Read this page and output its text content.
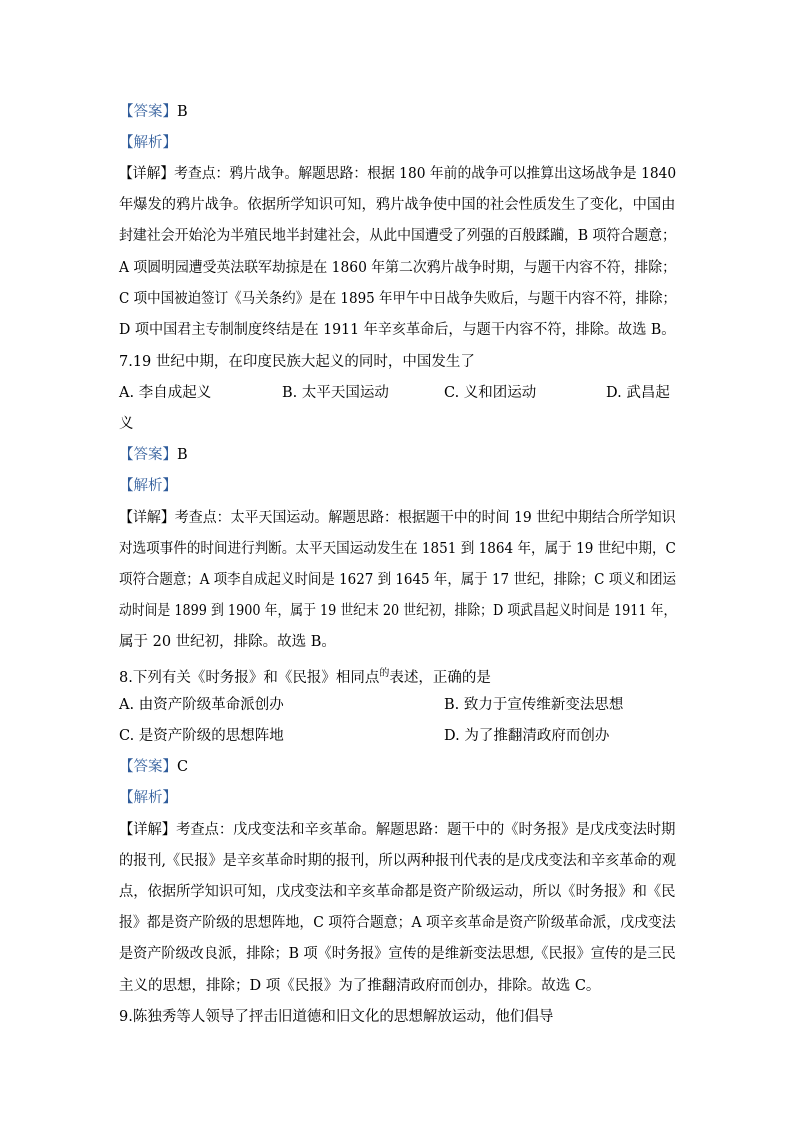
【答案】B
【解析】
【详解】考查点：鸦片战争。解题思路：根据 180 年前的战争可以推算出这场战争是 1840
年爆发的鸦片战争。依据所学知识可知，鸦片战争使中国的社会性质发生了变化，中国由
封建社会开始沦为半殖民地半封建社会，从此中国遭受了列强的百般蹂躏，B 项符合题意；
A 项圆明园遭受英法联军劫掠是在 1860 年第二次鸦片战争时期，与题干内容不符，排除；
C 项中国被迫签订《马关条约》是在 1895 年甲午中日战争失败后，与题干内容不符，排除；
D 项中国君主专制制度终结是在 1911 年辛亥革命后，与题干内容不符，排除。故选 B。
7.19 世纪中期，在印度民族大起义的同时，中国发生了
A. 李自成起义	B. 太平天国运动	C. 义和团运动	D. 武昌起
义
【答案】B
【解析】
【详解】考查点：太平天国运动。解题思路：根据题干中的时间 19 世纪中期结合所学知识
对选项事件的时间进行判断。太平天国运动发生在 1851 到 1864 年，属于 19 世纪中期，C
项符合题意；A 项李自成起义时间是 1627 到 1645 年，属于 17 世纪，排除；C 项义和团运
动时间是 1899 到 1900 年，属于 19 世纪末 20 世纪初，排除；D 项武昌起义时间是 1911 年，
属于 20 世纪初，排除。故选 B。
8.下列有关《时务报》和《民报》相同点$^的$表述，正确的是
A. 由资产阶级革命派创办	B. 致力于宣传维新变法思想
C. 是资产阶级的思想阵地	D. 为了推翻清政府而创办
【答案】C
【解析】
【详解】考查点：戊戌变法和辛亥革命。解题思路：题干中的《时务报》是戊戌变法时期
的报刊,《民报》是辛亥革命时期的报刊，所以两种报刊代表的是戊戌变法和辛亥革命的观
点，依据所学知识可知，戊戌变法和辛亥革命都是资产阶级运动，所以《时务报》和《民
报》都是资产阶级的思想阵地，C 项符合题意；A 项辛亥革命是资产阶级革命派，戊戌变法
是资产阶级改良派，排除；B 项《时务报》宣传的是维新变法思想,《民报》宣传的是三民
主义的思想，排除；D 项《民报》为了推翻清政府而创办，排除。故选 C。
9.陈独秀等人领导了抨击旧道德和旧文化的思想解放运动，他们倡导
